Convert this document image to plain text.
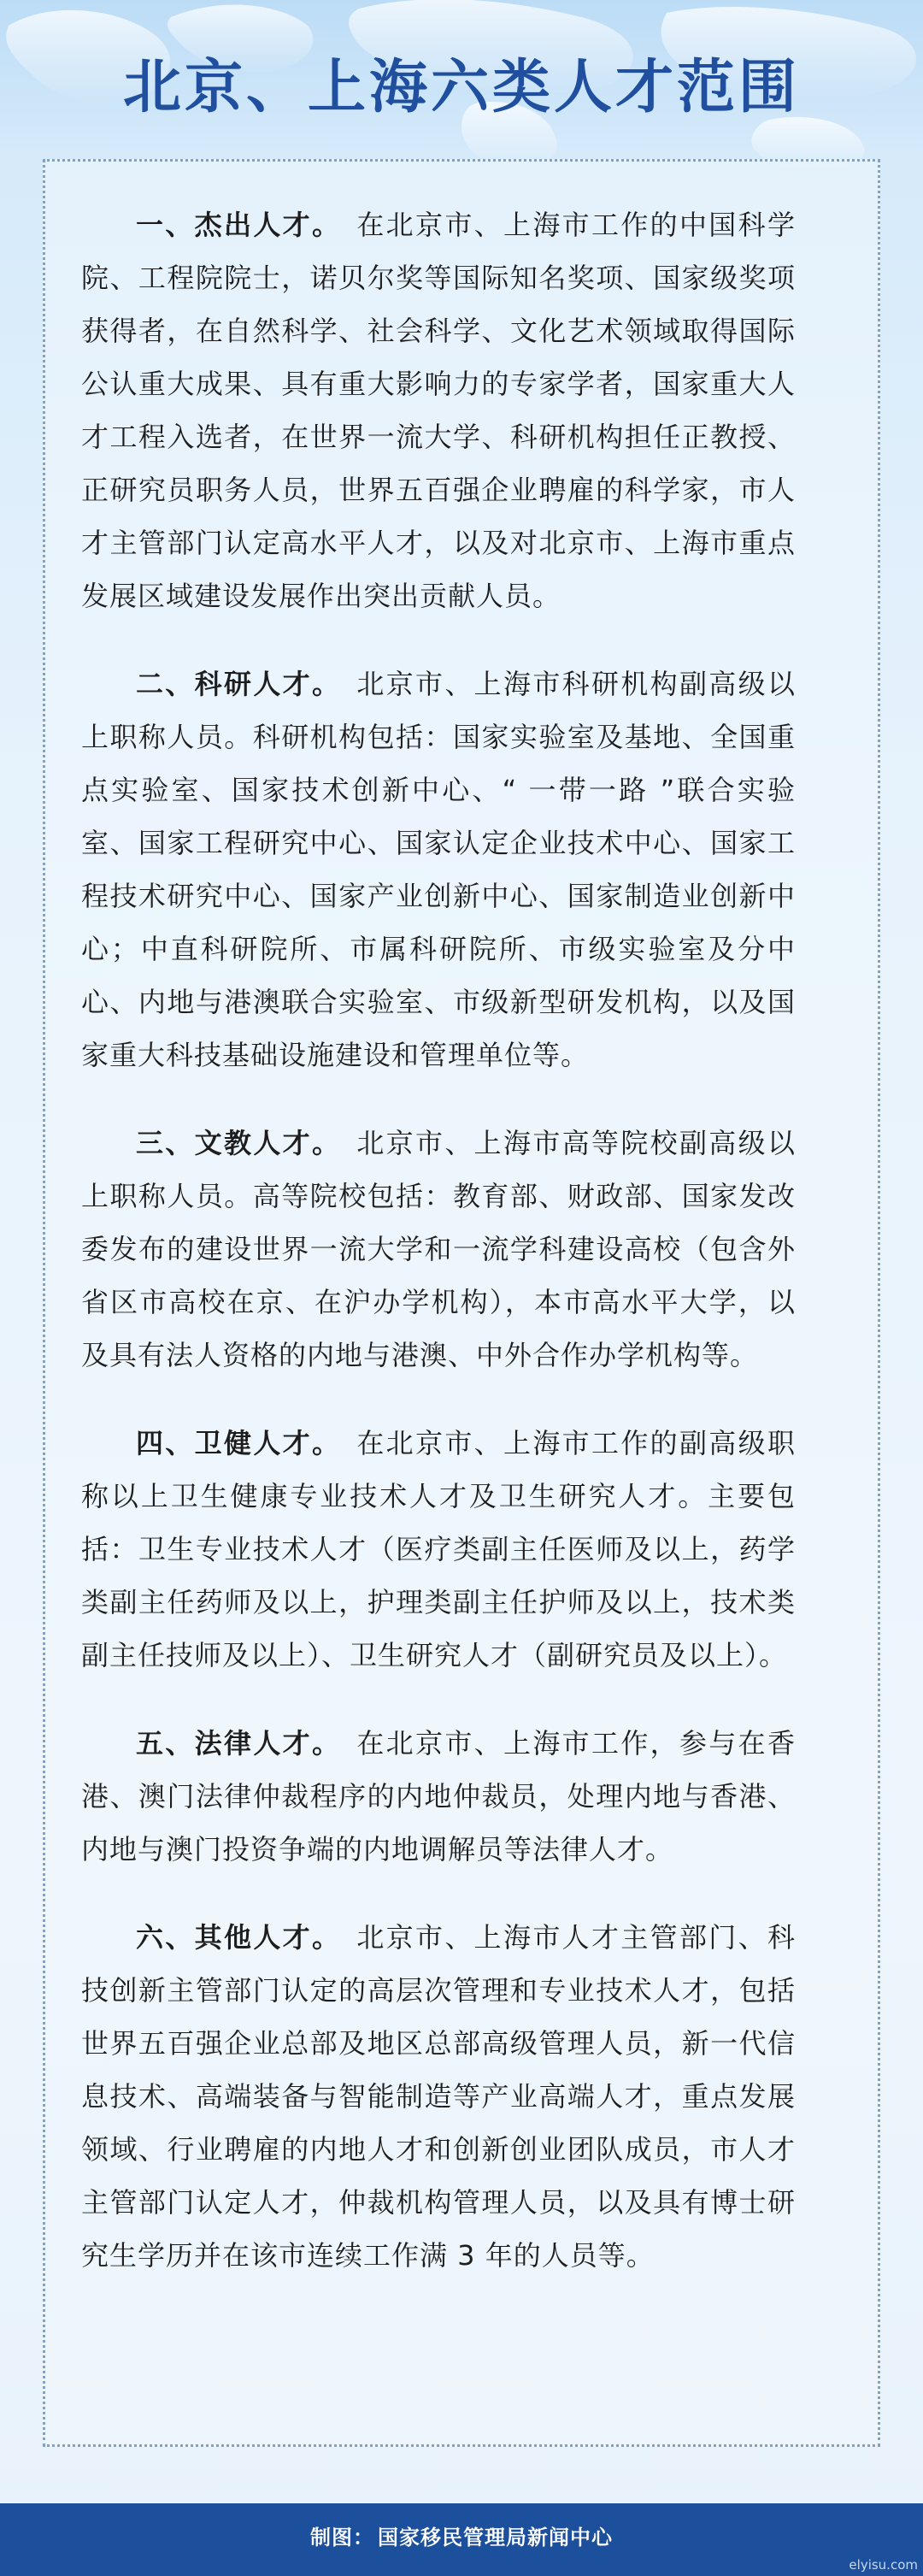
北京、上海六类人才范围

一、杰出人才。 在北京市、上海市工作的中国科学院、工程院院士，诺贝尔奖等国际知名奖项、国家级奖项获得者，在自然科学、社会科学、文化艺术领域取得国际公认重大成果、具有重大影响力的专家学者，国家重大人才工程入选者，在世界一流大学、科研机构担任正教授、正研究员职务人员，世界五百强企业聘雇的科学家，市人才主管部门认定高水平人才，以及对北京市、上海市重点发展区域建设发展作出突出贡献人员。

二、科研人才。 北京市、上海市科研机构副高级以上职称人员。科研机构包括：国家实验室及基地、全国重点实验室、国家技术创新中心、“ 一带一路 ”联合实验室、国家工程研究中心、国家认定企业技术中心、国家工程技术研究中心、国家产业创新中心、国家制造业创新中心；中直科研院所、市属科研院所、市级实验室及分中心、内地与港澳联合实验室、市级新型研发机构，以及国家重大科技基础设施建设和管理单位等。

三、文教人才。 北京市、上海市高等院校副高级以上职称人员。高等院校包括：教育部、财政部、国家发改委发布的建设世界一流大学和一流学科建设高校（包含外省区市高校在京、在沪办学机构），本市高水平大学，以及具有法人资格的内地与港澳、中外合作办学机构等。

四、卫健人才。 在北京市、上海市工作的副高级职称以上卫生健康专业技术人才及卫生研究人才。主要包括：卫生专业技术人才（医疗类副主任医师及以上，药学类副主任药师及以上，护理类副主任护师及以上，技术类副主任技师及以上）、卫生研究人才（副研究员及以上）。

五、法律人才。 在北京市、上海市工作，参与在香港、澳门法律仲裁程序的内地仲裁员，处理内地与香港、内地与澳门投资争端的内地调解员等法律人才。

六、其他人才。 北京市、上海市人才主管部门、科技创新主管部门认定的高层次管理和专业技术人才，包括世界五百强企业总部及地区总部高级管理人员，新一代信息技术、高端装备与智能制造等产业高端人才，重点发展领域、行业聘雇的内地人才和创新创业团队成员，市人才主管部门认定人才，仲裁机构管理人员，以及具有博士研究生学历并在该市连续工作满 3 年的人员等。

制图： 国家移民管理局新闻中心
elyisu.com
